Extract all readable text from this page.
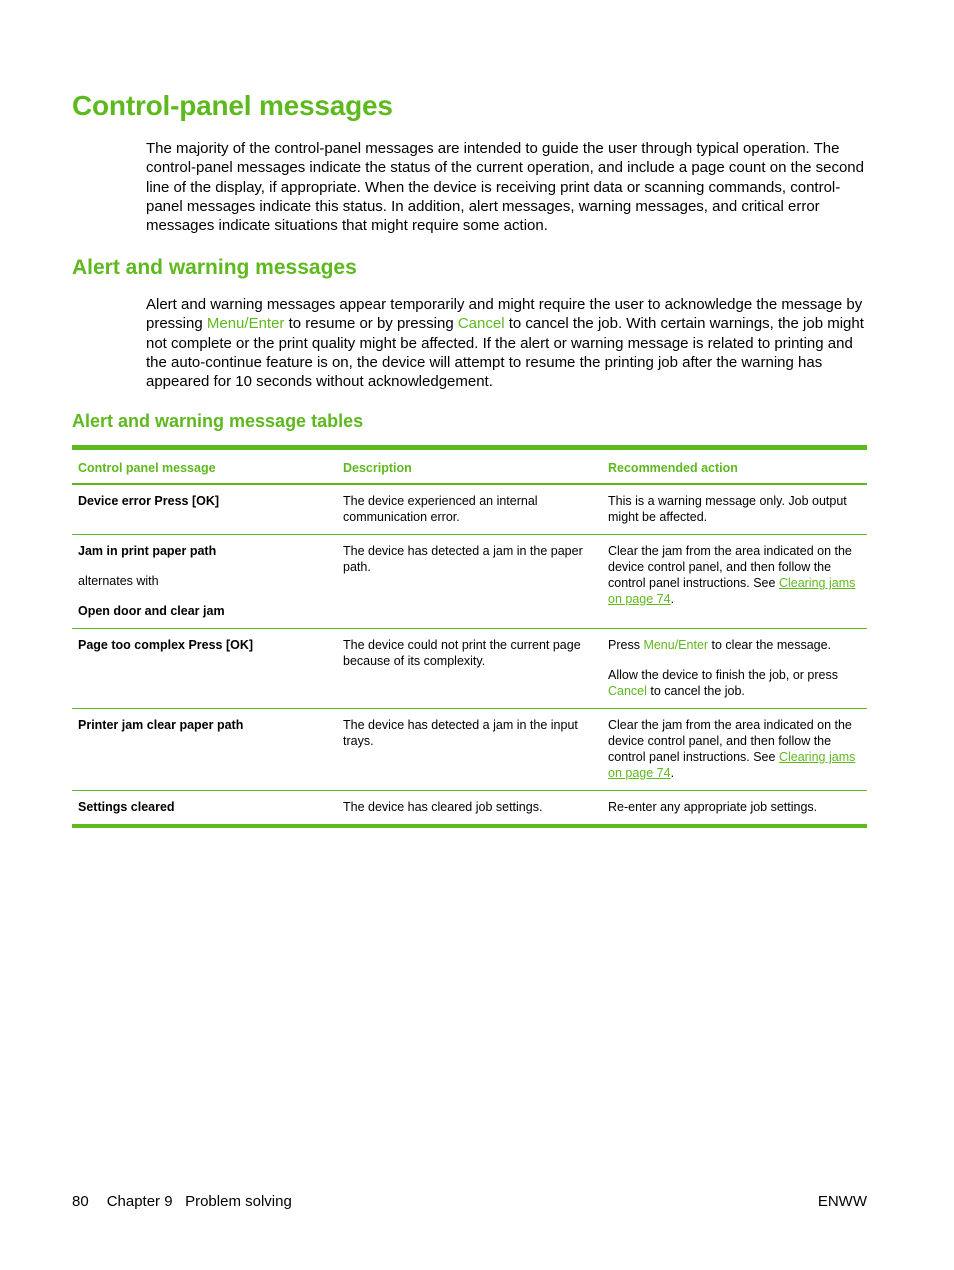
Control-panel messages

The majority of the control-panel messages are intended to guide the user through typical operation. The control-panel messages indicate the status of the current operation, and include a page count on the second line of the display, if appropriate. When the device is receiving print data or scanning commands, control-panel messages indicate this status. In addition, alert messages, warning messages, and critical error messages indicate situations that might require some action.

Alert and warning messages

Alert and warning messages appear temporarily and might require the user to acknowledge the message by pressing Menu/Enter to resume or by pressing Cancel to cancel the job. With certain warnings, the job might not complete or the print quality might be affected. If the alert or warning message is related to printing and the auto-continue feature is on, the device will attempt to resume the printing job after the warning has appeared for 10 seconds without acknowledgement.

Alert and warning message tables
Control panel message	Description	Recommended action
Device error Press [OK]	The device experienced an internal communication error.	This is a warning message only. Job output might be affected.
Jam in print paper path
alternates with
Open door and clear jam	The device has detected a jam in the paper path.	Clear the jam from the area indicated on the device control panel, and then follow the control panel instructions. See Clearing jams on page 74.
Page too complex Press [OK]	The device could not print the current page because of its complexity.	Press Menu/Enter to clear the message.
Allow the device to finish the job, or press Cancel to cancel the job.
Printer jam clear paper path	The device has detected a jam in the input trays.	Clear the jam from the area indicated on the device control panel, and then follow the control panel instructions. See Clearing jams on page 74.
Settings cleared	The device has cleared job settings.	Re-enter any appropriate job settings.
80 Chapter 9 Problem solving	ENWW
